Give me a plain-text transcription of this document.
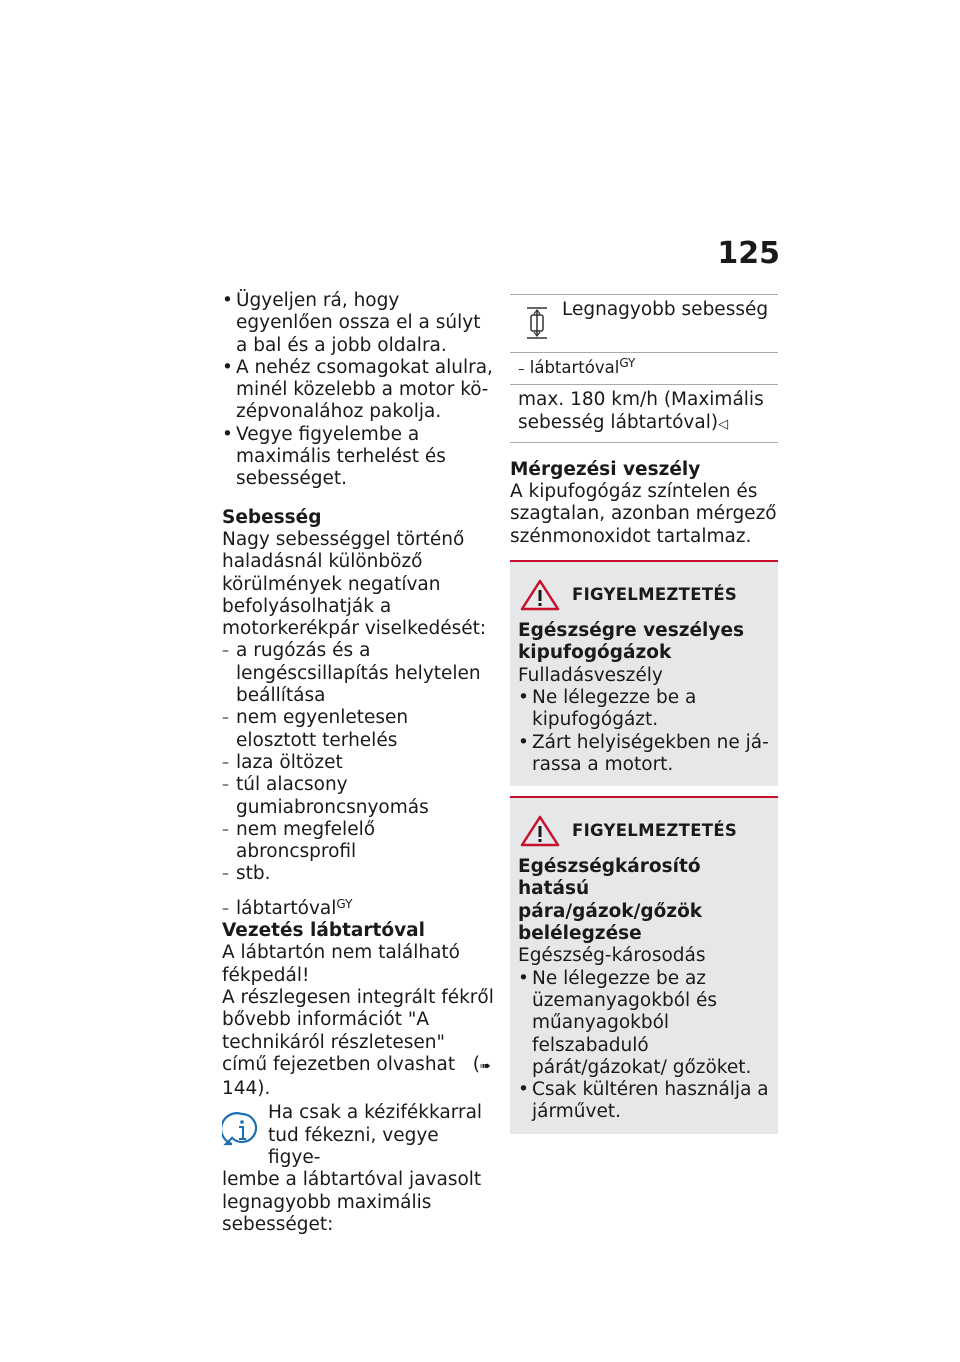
125
• Ügyeljen rá, hogy egyenlően ossza el a súlyt a bal és a jobb oldalra.
• A nehéz csomagokat alulra, minél közelebb a motor középvonalához pakolja.
• Vegye figyelembe a maximális terhelést és sebességet.
Sebesség
Nagy sebességgel történő haladásnál különböző körülmények negatívan befolyásolhatják a motorkerékpár viselkedését:
– a rugózás és a lengéscsillapítás helytelen beállítása
– nem egyenletesen elosztott terhelés
– laza öltözet
– túl alacsony gumiabroncsnyomás
– nem megfelelő abroncsprofil
– stb.
– lábtartóval$^{GY}$
Vezetés lábtartóval
A lábtartón nem található fékpedál!
A részlegesen integrált fékről bővebb információt "A technikáról részletesen" című fejezetben olvashat (➠ 144).
Ha csak a kézifékkarral
tud fékezni, vegye figye-
lembe a lábtartóval javasolt legnagyobb maximális sebességet:
Legnagyobb sebesség
– lábtartóval$^{GY}$
max. 180 km/h (Maximális sebesség lábtartóval)◁
Mérgezési veszély
A kipufogógáz színtelen és szagtalan, azonban mérgező szénmonoxidot tartalmaz.
FIGYELMEZTETÉS
Egészségre veszélyes kipufogógázok
Fulladásveszély
• Ne lélegezze be a kipufogógázt.
• Zárt helyiségekben ne járassa a motort.
FIGYELMEZTETÉS
Egészségkárosító hatású pára/gázok/gőzök belélegzése
Egészség-károsodás
• Ne lélegezze be az üzemanyagokból és műanyagokból felszabaduló párát/gázokat/ gőzöket.
• Csak kültéren használja a járművet.
